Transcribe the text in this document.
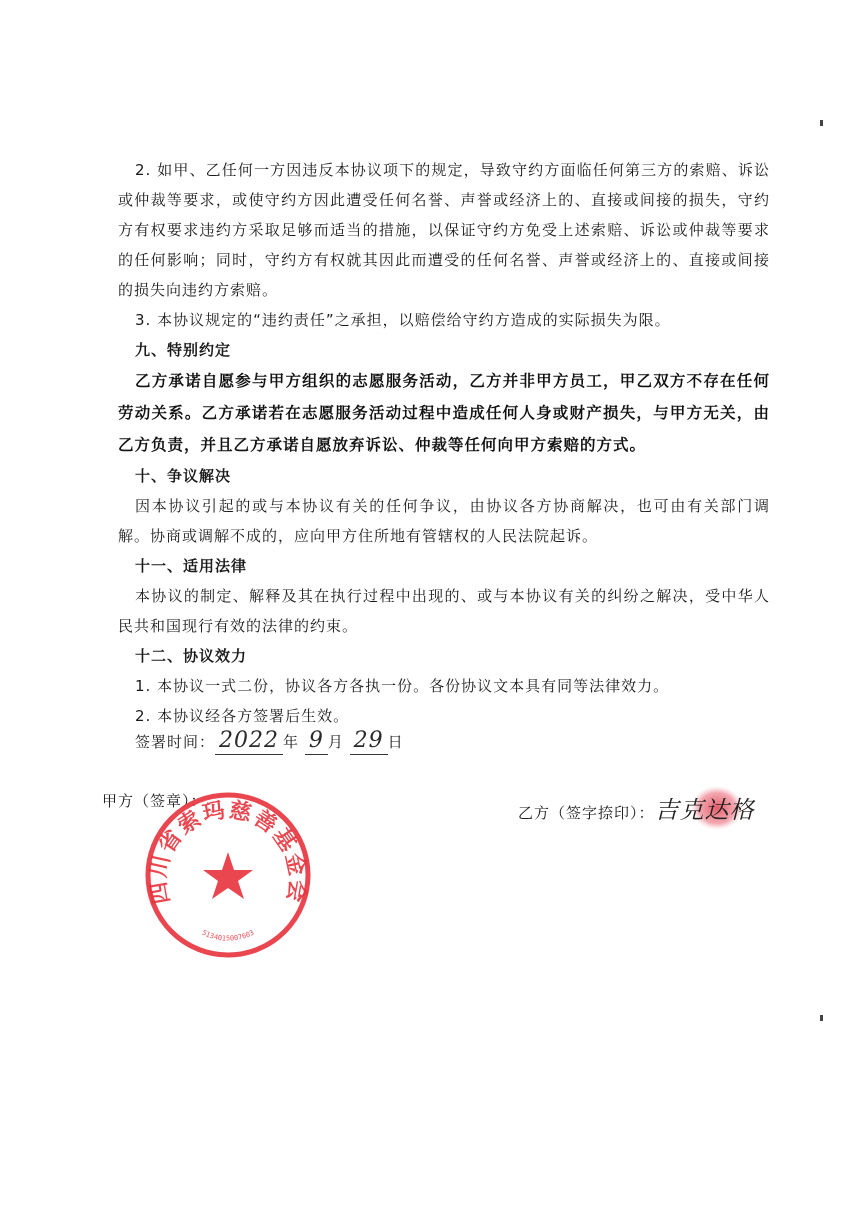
2. 如甲、乙任何一方因违反本协议项下的规定，导致守约方面临任何第三方的索赔、诉讼或仲裁等要求，或使守约方因此遭受任何名誉、声誉或经济上的、直接或间接的损失，守约方有权要求违约方采取足够而适当的措施，以保证守约方免受上述索赔、诉讼或仲裁等要求的任何影响；同时，守约方有权就其因此而遭受的任何名誉、声誉或经济上的、直接或间接的损失向违约方索赔。

3. 本协议规定的“违约责任”之承担，以赔偿给守约方造成的实际损失为限。

九、特别约定

乙方承诺自愿参与甲方组织的志愿服务活动，乙方并非甲方员工，甲乙双方不存在任何劳动关系。乙方承诺若在志愿服务活动过程中造成任何人身或财产损失，与甲方无关，由乙方负责，并且乙方承诺自愿放弃诉讼、仲裁等任何向甲方索赔的方式。

十、争议解决

因本协议引起的或与本协议有关的任何争议，由协议各方协商解决，也可由有关部门调解。协商或调解不成的，应向甲方住所地有管辖权的人民法院起诉。

十一、适用法律

本协议的制定、解释及其在执行过程中出现的、或与本协议有关的纠纷之解决，受中华人民共和国现行有效的法律的约束。

十二、协议效力

1. 本协议一式二份，协议各方各执一份。各份协议文本具有同等法律效力。

2. 本协议经各方签署后生效。

签署时间： 2022 年 9 月 29 日
甲方（签章）：
乙方（签字捺印）：吉克达格
四川省索玛慈善基金会
5134015007603
